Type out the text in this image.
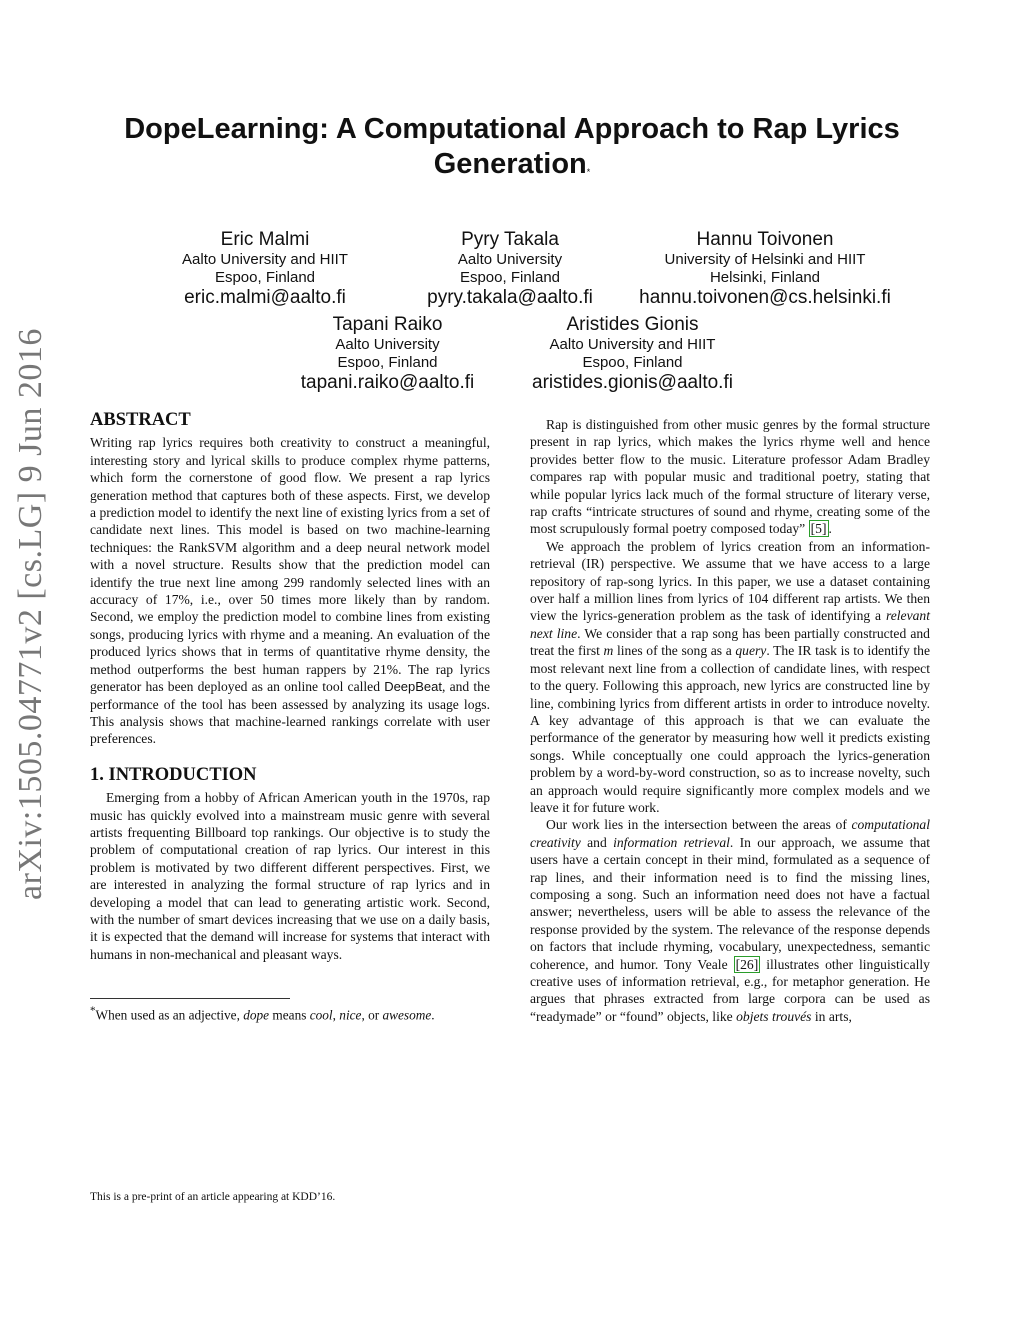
arXiv:1505.04771v2 [cs.LG] 9 Jun 2016
DopeLearning: A Computational Approach to Rap Lyrics Generation*
Eric Malmi
Aalto University and HIIT
Espoo, Finland
eric.malmi@aalto.fi
Pyry Takala
Aalto University
Espoo, Finland
pyry.takala@aalto.fi
Hannu Toivonen
University of Helsinki and HIIT
Helsinki, Finland
hannu.toivonen@cs.helsinki.fi
Tapani Raiko
Aalto University
Espoo, Finland
tapani.raiko@aalto.fi
Aristides Gionis
Aalto University and HIIT
Espoo, Finland
aristides.gionis@aalto.fi
ABSTRACT

Writing rap lyrics requires both creativity to construct a meaningful, interesting story and lyrical skills to produce complex rhyme patterns, which form the cornerstone of good flow. We present a rap lyrics generation method that captures both of these aspects. First, we develop a prediction model to identify the next line of existing lyrics from a set of candidate next lines. This model is based on two machine-learning techniques: the RankSVM algorithm and a deep neural network model with a novel structure. Results show that the prediction model can identify the true next line among 299 randomly selected lines with an accuracy of 17%, i.e., over 50 times more likely than by random. Second, we employ the prediction model to combine lines from existing songs, producing lyrics with rhyme and a meaning. An evaluation of the produced lyrics shows that in terms of quantitative rhyme density, the method outperforms the best human rappers by 21%. The rap lyrics generator has been deployed as an online tool called DeepBeat, and the performance of the tool has been assessed by analyzing its usage logs. This analysis shows that machine-learned rankings correlate with user preferences.

1. INTRODUCTION

Emerging from a hobby of African American youth in the 1970s, rap music has quickly evolved into a mainstream music genre with several artists frequenting Billboard top rankings. Our objective is to study the problem of computational creation of rap lyrics. Our interest in this problem is motivated by two different different perspectives. First, we are interested in analyzing the formal structure of rap lyrics and in developing a model that can lead to generating artistic work. Second, with the number of smart devices increasing that we use on a daily basis, it is expected that the demand will increase for systems that interact with humans in non-mechanical and pleasant ways.

*When used as an adjective, dope means cool, nice, or awesome.
This is a pre-print of an article appearing at KDD’16.

Rap is distinguished from other music genres by the formal structure present in rap lyrics, which makes the lyrics rhyme well and hence provides better flow to the music. Literature professor Adam Bradley compares rap with popular music and traditional poetry, stating that while popular lyrics lack much of the formal structure of literary verse, rap crafts “intricate structures of sound and rhyme, creating some of the most scrupulously formal poetry composed today” [5] .

We approach the problem of lyrics creation from an information-retrieval (IR) perspective. We assume that we have access to a large repository of rap-song lyrics. In this paper, we use a dataset containing over half a million lines from lyrics of 104 different rap artists. We then view the lyrics-generation problem as the task of identifying a relevant next line. We consider that a rap song has been partially constructed and treat the first m lines of the song as a query. The IR task is to identify the most relevant next line from a collection of candidate lines, with respect to the query. Following this approach, new lyrics are constructed line by line, combining lyrics from different artists in order to introduce novelty. A key advantage of this approach is that we can evaluate the performance of the generator by measuring how well it predicts existing songs. While conceptually one could approach the lyrics-generation problem by a word-by-word construction, so as to increase novelty, such an approach would require significantly more complex models and we leave it for future work.

Our work lies in the intersection between the areas of computational creativity and information retrieval. In our approach, we assume that users have a certain concept in their mind, formulated as a sequence of rap lines, and their information need is to find the missing lines, composing a song. Such an information need does not have a factual answer; nevertheless, users will be able to assess the relevance of the response provided by the system. The relevance of the response depends on factors that include rhyming, vocabulary, unexpectedness, semantic coherence, and humor. Tony Veale [26] illustrates other linguistically creative uses of information retrieval, e.g., for metaphor generation. He argues that phrases extracted from large corpora can be used as “readymade” or “found” objects, like objets trouvés in arts,
